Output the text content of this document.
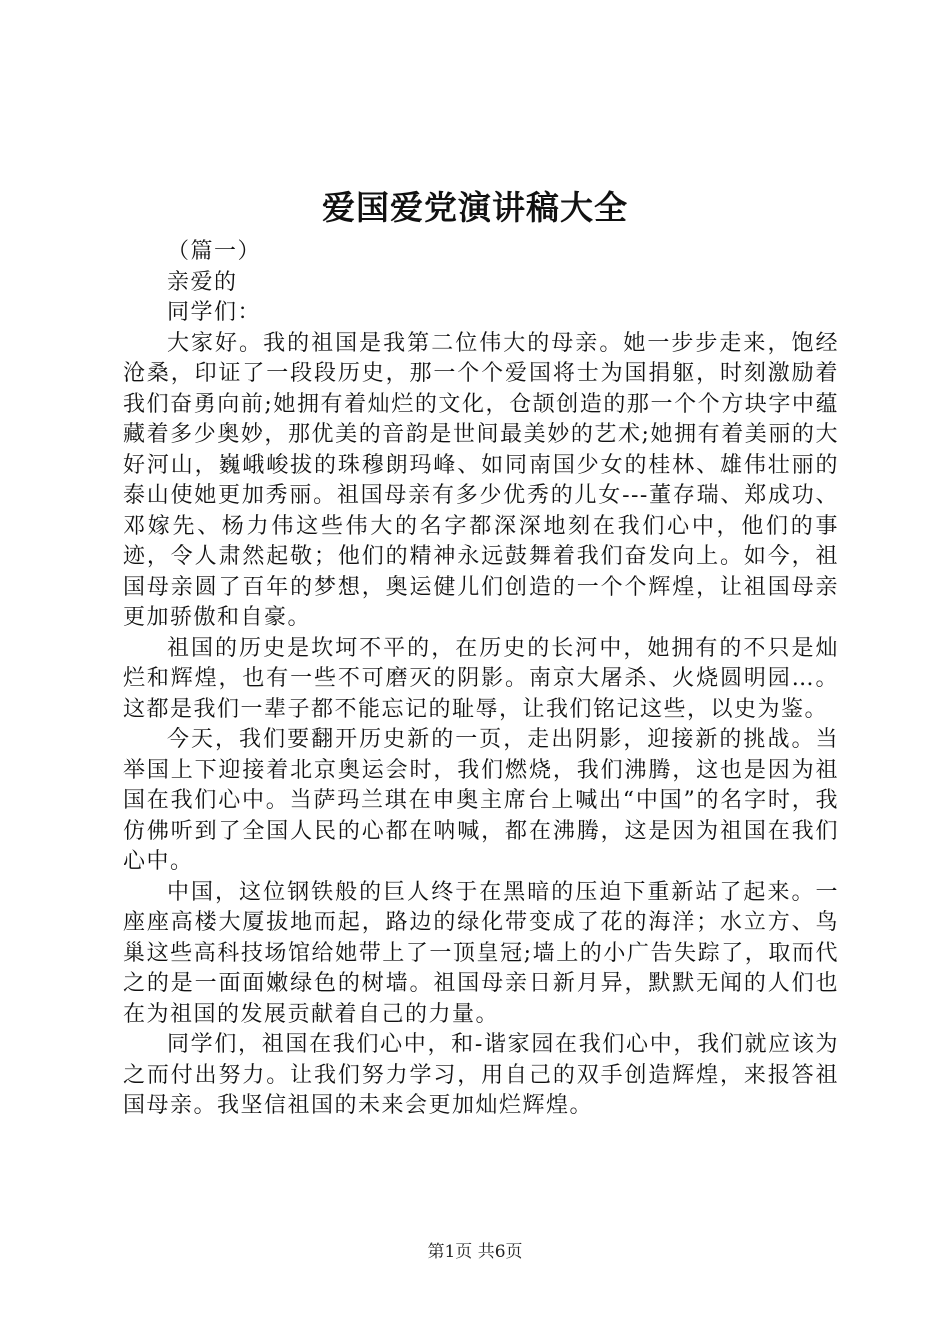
爱国爱党演讲稿大全

（篇一）

亲爱的

同学们：

大家好。我的祖国是我第二位伟大的母亲。她一步步走来，饱经沧桑，印证了一段段历史，那一个个爱国将士为国捐躯，时刻激励着我们奋勇向前;她拥有着灿烂的文化，仓颉创造的那一个个方块字中蕴藏着多少奥妙，那优美的音韵是世间最美妙的艺术;她拥有着美丽的大好河山，巍峨峻拔的珠穆朗玛峰、如同南国少女的桂林、雄伟壮丽的泰山使她更加秀丽。祖国母亲有多少优秀的儿女---董存瑞、郑成功、邓嫁先、杨力伟这些伟大的名字都深深地刻在我们心中，他们的事迹，令人肃然起敬；他们的精神永远鼓舞着我们奋发向上。如今，祖国母亲圆了百年的梦想，奥运健儿们创造的一个个辉煌，让祖国母亲更加骄傲和自豪。

祖国的历史是坎坷不平的，在历史的长河中，她拥有的不只是灿烂和辉煌，也有一些不可磨灭的阴影。南京大屠杀、火烧圆明园…。这都是我们一辈子都不能忘记的耻辱，让我们铭记这些，以史为鉴。

今天，我们要翻开历史新的一页，走出阴影，迎接新的挑战。当举国上下迎接着北京奥运会时，我们燃烧，我们沸腾，这也是因为祖国在我们心中。当萨玛兰琪在申奥主席台上喊出“中国”的名字时，我仿佛听到了全国人民的心都在呐喊，都在沸腾，这是因为祖国在我们心中。

中国，这位钢铁般的巨人终于在黑暗的压迫下重新站了起来。一座座高楼大厦拔地而起，路边的绿化带变成了花的海洋；水立方、鸟巢这些高科技场馆给她带上了一顶皇冠;墙上的小广告失踪了，取而代之的是一面面嫩绿色的树墙。祖国母亲日新月异，默默无闻的人们也在为祖国的发展贡献着自己的力量。

同学们，祖国在我们心中，和-谐家园在我们心中，我们就应该为之而付出努力。让我们努力学习，用自己的双手创造辉煌，来报答祖国母亲。我坚信祖国的未来会更加灿烂辉煌。

第1页 共6页
